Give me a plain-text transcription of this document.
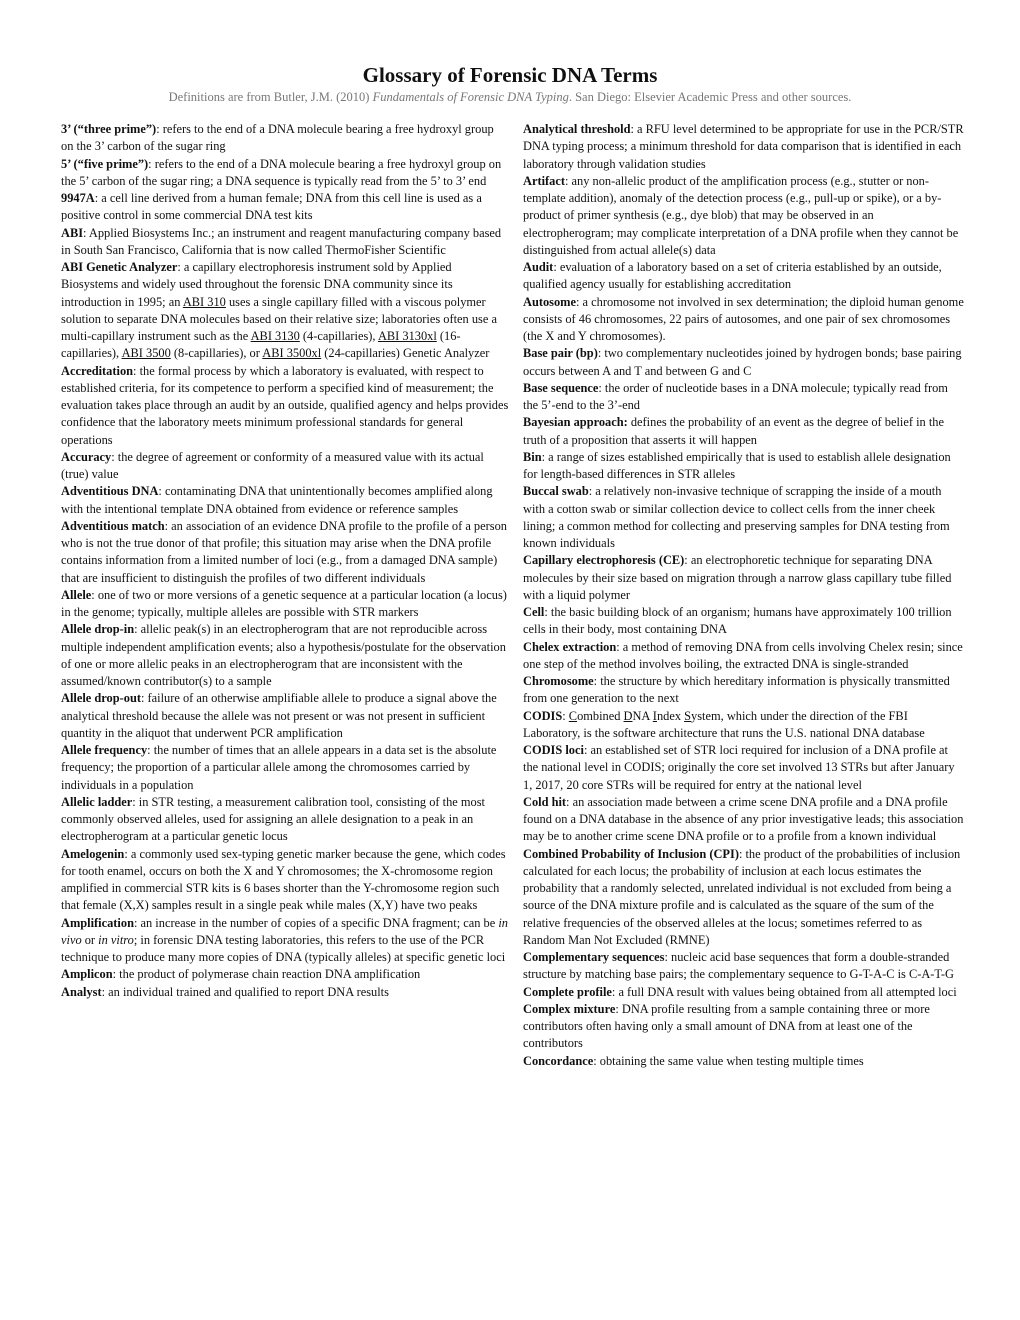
Glossary of Forensic DNA Terms
Definitions are from Butler, J.M. (2010) Fundamentals of Forensic DNA Typing. San Diego: Elsevier Academic Press and other sources.

3’ (“three prime”): refers to the end of a DNA molecule bearing a free hydroxyl group on the 3’ carbon of the sugar ring

5’ (“five prime”): refers to the end of a DNA molecule bearing a free hydroxyl group on the 5’ carbon of the sugar ring; a DNA sequence is typically read from the 5’ to 3’ end

9947A: a cell line derived from a human female; DNA from this cell line is used as a positive control in some commercial DNA test kits

ABI: Applied Biosystems Inc.; an instrument and reagent manufacturing company based in South San Francisco, California that is now called ThermoFisher Scientific

ABI Genetic Analyzer: a capillary electrophoresis instrument sold by Applied Biosystems and widely used throughout the forensic DNA community since its introduction in 1995; an ABI 310 uses a single capillary filled with a viscous polymer solution to separate DNA molecules based on their relative size; laboratories often use a multi-capillary instrument such as the ABI 3130 (4-capillaries), ABI 3130xl (16-capillaries), ABI 3500 (8-capillaries), or ABI 3500xl (24-capillaries) Genetic Analyzer

Accreditation: the formal process by which a laboratory is evaluated, with respect to established criteria, for its competence to perform a specified kind of measurement; the evaluation takes place through an audit by an outside, qualified agency and helps provides confidence that the laboratory meets minimum professional standards for general operations

Accuracy: the degree of agreement or conformity of a measured value with its actual (true) value

Adventitious DNA: contaminating DNA that unintentionally becomes amplified along with the intentional template DNA obtained from evidence or reference samples

Adventitious match: an association of an evidence DNA profile to the profile of a person who is not the true donor of that profile; this situation may arise when the DNA profile contains information from a limited number of loci (e.g., from a damaged DNA sample) that are insufficient to distinguish the profiles of two different individuals

Allele: one of two or more versions of a genetic sequence at a particular location (a locus) in the genome; typically, multiple alleles are possible with STR markers

Allele drop-in: allelic peak(s) in an electropherogram that are not reproducible across multiple independent amplification events; also a hypothesis/postulate for the observation of one or more allelic peaks in an electropherogram that are inconsistent with the assumed/known contributor(s) to a sample

Allele drop-out: failure of an otherwise amplifiable allele to produce a signal above the analytical threshold because the allele was not present or was not present in sufficient quantity in the aliquot that underwent PCR amplification

Allele frequency: the number of times that an allele appears in a data set is the absolute frequency; the proportion of a particular allele among the chromosomes carried by individuals in a population

Allelic ladder: in STR testing, a measurement calibration tool, consisting of the most commonly observed alleles, used for assigning an allele designation to a peak in an electropherogram at a particular genetic locus

Amelogenin: a commonly used sex-typing genetic marker because the gene, which codes for tooth enamel, occurs on both the X and Y chromosomes; the X-chromosome region amplified in commercial STR kits is 6 bases shorter than the Y-chromosome region such that female (X,X) samples result in a single peak while males (X,Y) have two peaks

Amplification: an increase in the number of copies of a specific DNA fragment; can be in vivo or in vitro; in forensic DNA testing laboratories, this refers to the use of the PCR technique to produce many more copies of DNA (typically alleles) at specific genetic loci

Amplicon: the product of polymerase chain reaction DNA amplification

Analyst: an individual trained and qualified to report DNA results

Analytical threshold: a RFU level determined to be appropriate for use in the PCR/STR DNA typing process; a minimum threshold for data comparison that is identified in each laboratory through validation studies

Artifact: any non-allelic product of the amplification process (e.g., stutter or non-template addition), anomaly of the detection process (e.g., pull-up or spike), or a by-product of primer synthesis (e.g., dye blob) that may be observed in an electropherogram; may complicate interpretation of a DNA profile when they cannot be distinguished from actual allele(s) data

Audit: evaluation of a laboratory based on a set of criteria established by an outside, qualified agency usually for establishing accreditation

Autosome: a chromosome not involved in sex determination; the diploid human genome consists of 46 chromosomes, 22 pairs of autosomes, and one pair of sex chromosomes (the X and Y chromosomes).

Base pair (bp): two complementary nucleotides joined by hydrogen bonds; base pairing occurs between A and T and between G and C

Base sequence: the order of nucleotide bases in a DNA molecule; typically read from the 5’-end to the 3’-end

Bayesian approach: defines the probability of an event as the degree of belief in the truth of a proposition that asserts it will happen

Bin: a range of sizes established empirically that is used to establish allele designation for length-based differences in STR alleles

Buccal swab: a relatively non-invasive technique of scrapping the inside of a mouth with a cotton swab or similar collection device to collect cells from the inner cheek lining; a common method for collecting and preserving samples for DNA testing from known individuals

Capillary electrophoresis (CE): an electrophoretic technique for separating DNA molecules by their size based on migration through a narrow glass capillary tube filled with a liquid polymer

Cell: the basic building block of an organism; humans have approximately 100 trillion cells in their body, most containing DNA

Chelex extraction: a method of removing DNA from cells involving Chelex resin; since one step of the method involves boiling, the extracted DNA is single-stranded

Chromosome: the structure by which hereditary information is physically transmitted from one generation to the next

CODIS: Combined DNA Index System, which under the direction of the FBI Laboratory, is the software architecture that runs the U.S. national DNA database

CODIS loci: an established set of STR loci required for inclusion of a DNA profile at the national level in CODIS; originally the core set involved 13 STRs but after January 1, 2017, 20 core STRs will be required for entry at the national level

Cold hit: an association made between a crime scene DNA profile and a DNA profile found on a DNA database in the absence of any prior investigative leads; this association may be to another crime scene DNA profile or to a profile from a known individual

Combined Probability of Inclusion (CPI): the product of the probabilities of inclusion calculated for each locus; the probability of inclusion at each locus estimates the probability that a randomly selected, unrelated individual is not excluded from being a source of the DNA mixture profile and is calculated as the square of the sum of the relative frequencies of the observed alleles at the locus; sometimes referred to as Random Man Not Excluded (RMNE)

Complementary sequences: nucleic acid base sequences that form a double-stranded structure by matching base pairs; the complementary sequence to G-T-A-C is C-A-T-G

Complete profile: a full DNA result with values being obtained from all attempted loci

Complex mixture: DNA profile resulting from a sample containing three or more contributors often having only a small amount of DNA from at least one of the contributors

Concordance: obtaining the same value when testing multiple times
